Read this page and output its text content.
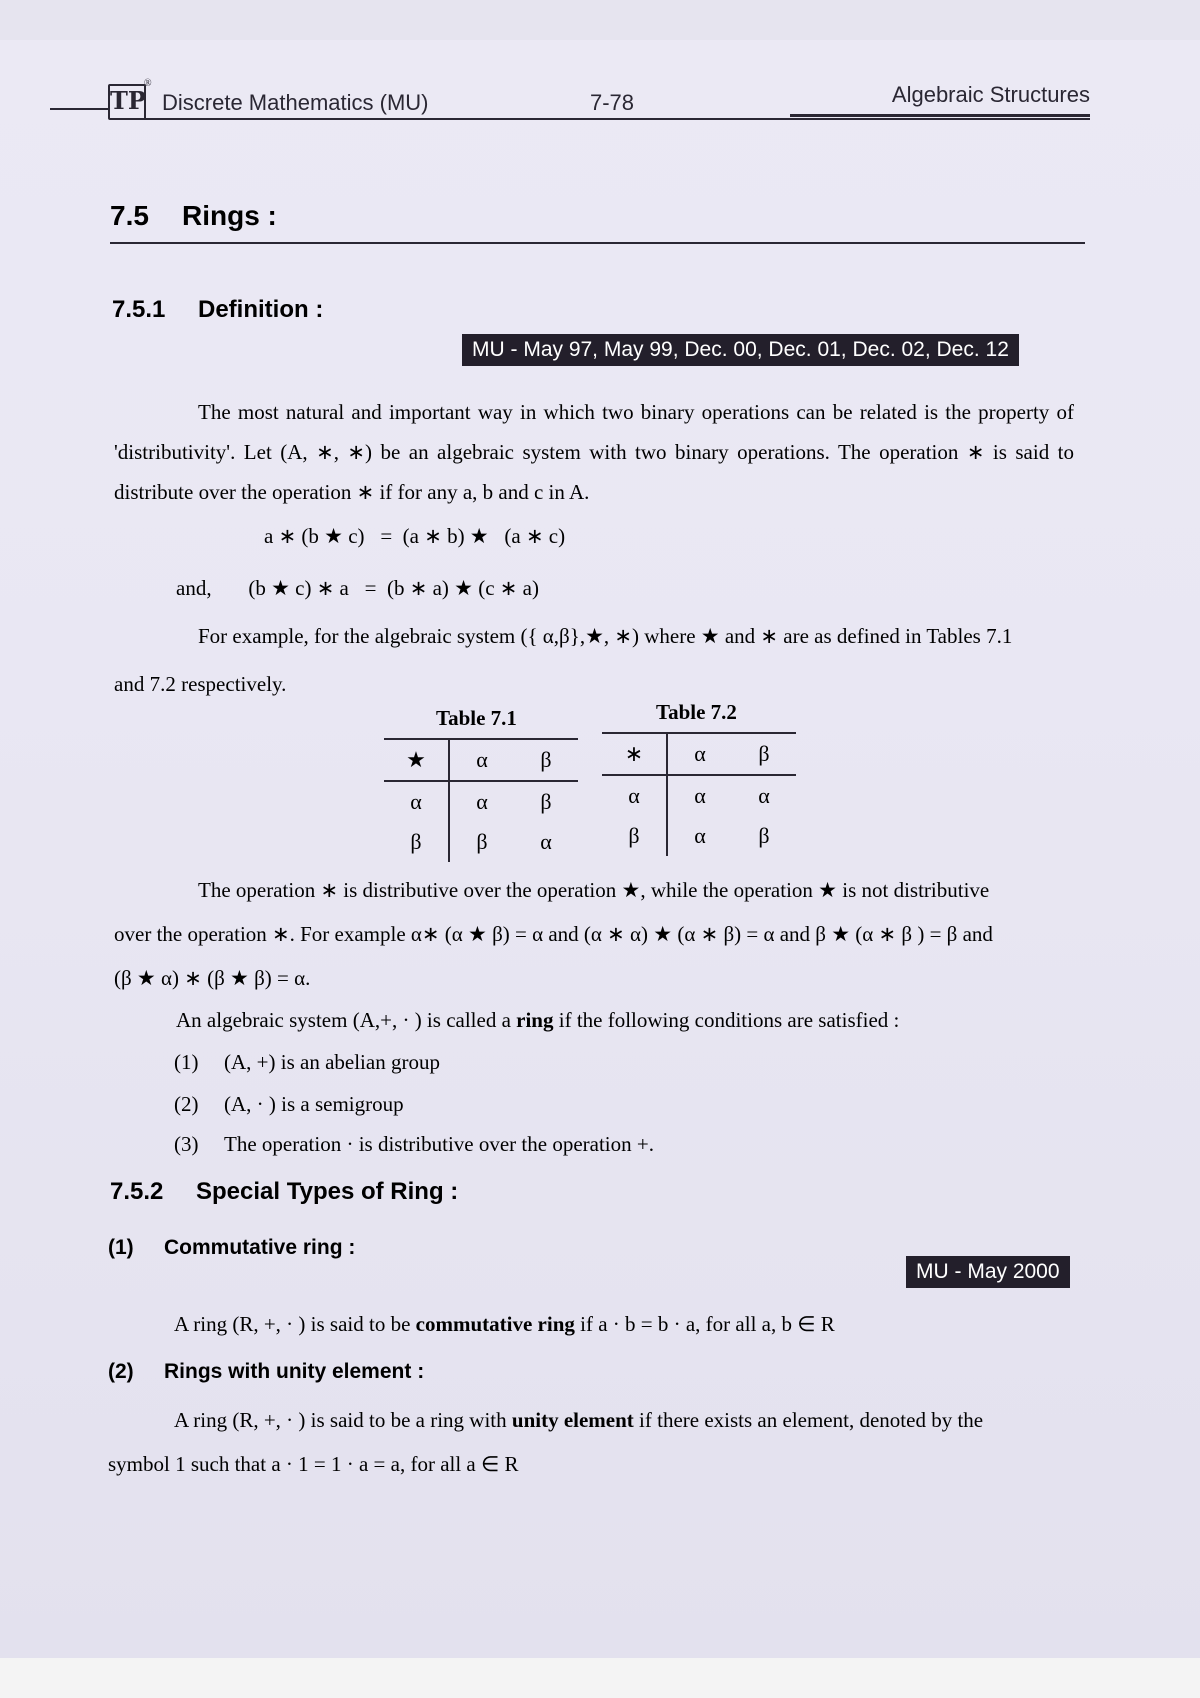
TP
®
Discrete Mathematics (MU)	7-78	Algebraic Structures
7.5 Rings :
7.5.1 Definition :
MU - May 97, May 99, Dec. 00, Dec. 01, Dec. 02, Dec. 12

The most natural and important way in which two binary operations can be related is the property of 'distributivity'. Let (A, ∗, ∗) be an algebraic system with two binary operations. The operation ∗ is said to distribute over the operation ∗ if for any a, b and c in A.

a ∗ (b ★ c) = (a ∗ b) ★   (a ∗ c)
and, (b ★ c) ∗ a = (b ∗ a) ★ (c ∗ a)
For example, for the algebraic system ({ α,β},★, ∗) where ★ and ∗ are as defined in Tables 7.1
and 7.2 respectively.
Table 7.1
★	α	β
α	α	β
β	β	α
Table 7.2
∗	α	β
α	α	α
β	α	β
The operation ∗ is distributive over the operation ★, while the operation ★ is not distributive
over the operation ∗. For example α∗ (α ★ β) = α and (α ∗ α) ★ (α ∗ β) = α and β ★ (α ∗ β ) = β and
(β ★ α) ∗ (β ★ β) = α.
An algebraic system (A,+, · ) is called a ring if the following conditions are satisfied :
(1) (A, +) is an abelian group
(2) (A, · ) is a semigroup
(3) The operation · is distributive over the operation +.
7.5.2 Special Types of Ring :
(1) Commutative ring :
MU - May 2000
A ring (R, +, · ) is said to be commutative ring if a · b = b · a, for all a, b ∈ R
(2) Rings with unity element :
A ring (R, +, · ) is said to be a ring with unity element if there exists an element, denoted by the
symbol 1 such that a · 1 = 1 · a = a, for all a ∈ R
